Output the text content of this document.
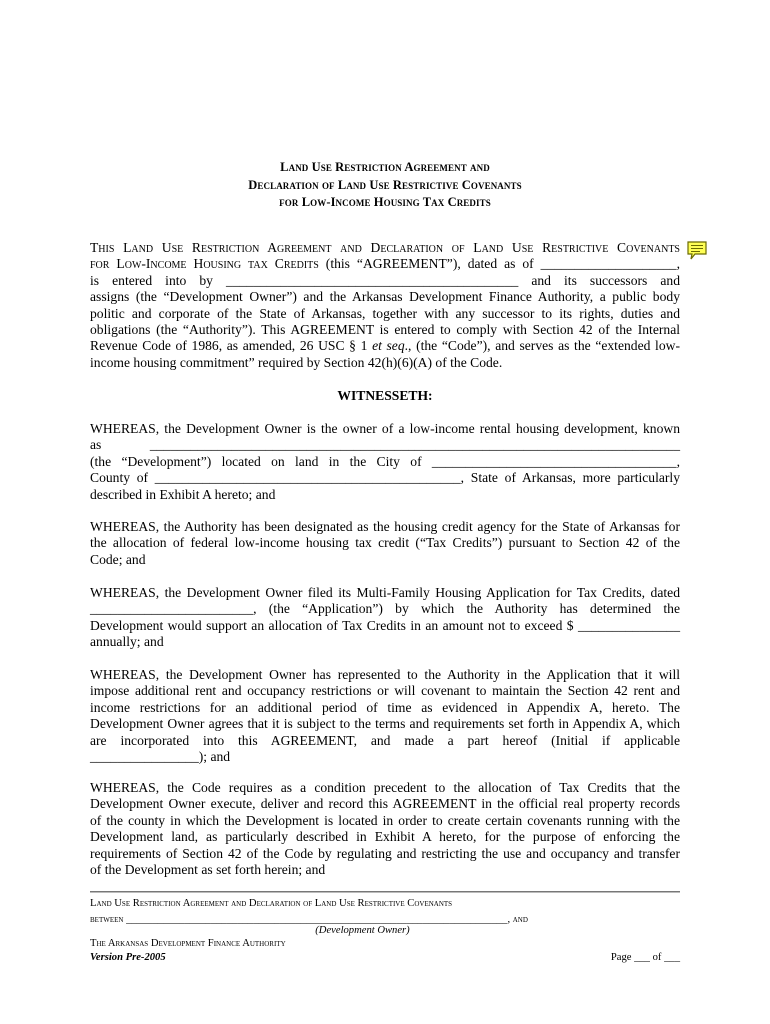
Land Use Restriction Agreement and
Declaration of Land Use Restrictive Covenants
for Low-Income Housing Tax Credits
This Land Use Restriction Agreement and Declaration of Land Use Restrictive Covenants
for Low-Income Housing tax Credits (this “AGREEMENT”), dated as of ____________________,
is entered into by ___________________________________________ and its successors and
assigns (the “Development Owner”) and the Arkansas Development Finance Authority, a public body
politic and corporate of the State of Arkansas, together with any successor to its rights, duties and
obligations (the “Authority”). This AGREEMENT is entered to comply with Section 42 of the Internal
Revenue Code of 1986, as amended, 26 USC § 1 et seq., (the “Code”), and serves as the “extended low-
income housing commitment” required by Section 42(h)(6)(A) of the Code.
WITNESSETH:
WHEREAS, the Development Owner is the owner of a low-income rental housing development, known
as ______________________________________________________________________________
(the “Development”) located on land in the City of ____________________________________,
County of _____________________________________________, State of Arkansas, more particularly
described in Exhibit A hereto; and
WHEREAS, the Authority has been designated as the housing credit agency for the State of Arkansas for
the allocation of federal low-income housing tax credit (“Tax Credits”) pursuant to Section 42 of the
Code; and
WHEREAS, the Development Owner filed its Multi-Family Housing Application for Tax Credits, dated
________________________, (the “Application”) by which the Authority has determined the
Development would support an allocation of Tax Credits in an amount not to exceed $ _______________
annually; and
WHEREAS, the Development Owner has represented to the Authority in the Application that it will
impose additional rent and occupancy restrictions or will covenant to maintain the Section 42 rent and
income restrictions for an additional period of time as evidenced in Appendix A, hereto. The
Development Owner agrees that it is subject to the terms and requirements set forth in Appendix A, which
are incorporated into this AGREEMENT, and made a part hereof (Initial if applicable
________________); and
WHEREAS, the Code requires as a condition precedent to the allocation of Tax Credits that the
Development Owner execute, deliver and record this AGREEMENT in the official real property records
of the county in which the Development is located in order to create certain covenants running with the
Development land, as particularly described in Exhibit A hereto, for the purpose of enforcing the
requirements of Section 42 of the Code by regulating and restricting the use and occupancy and transfer
of the Development as set forth herein; and
Land Use Restriction Agreement and Declaration of Land Use Restrictive Covenants
between ________________________________________________________________________, and
(Development Owner)
The Arkansas Development Finance Authority
Version Pre-2005	Page ___ of ___
